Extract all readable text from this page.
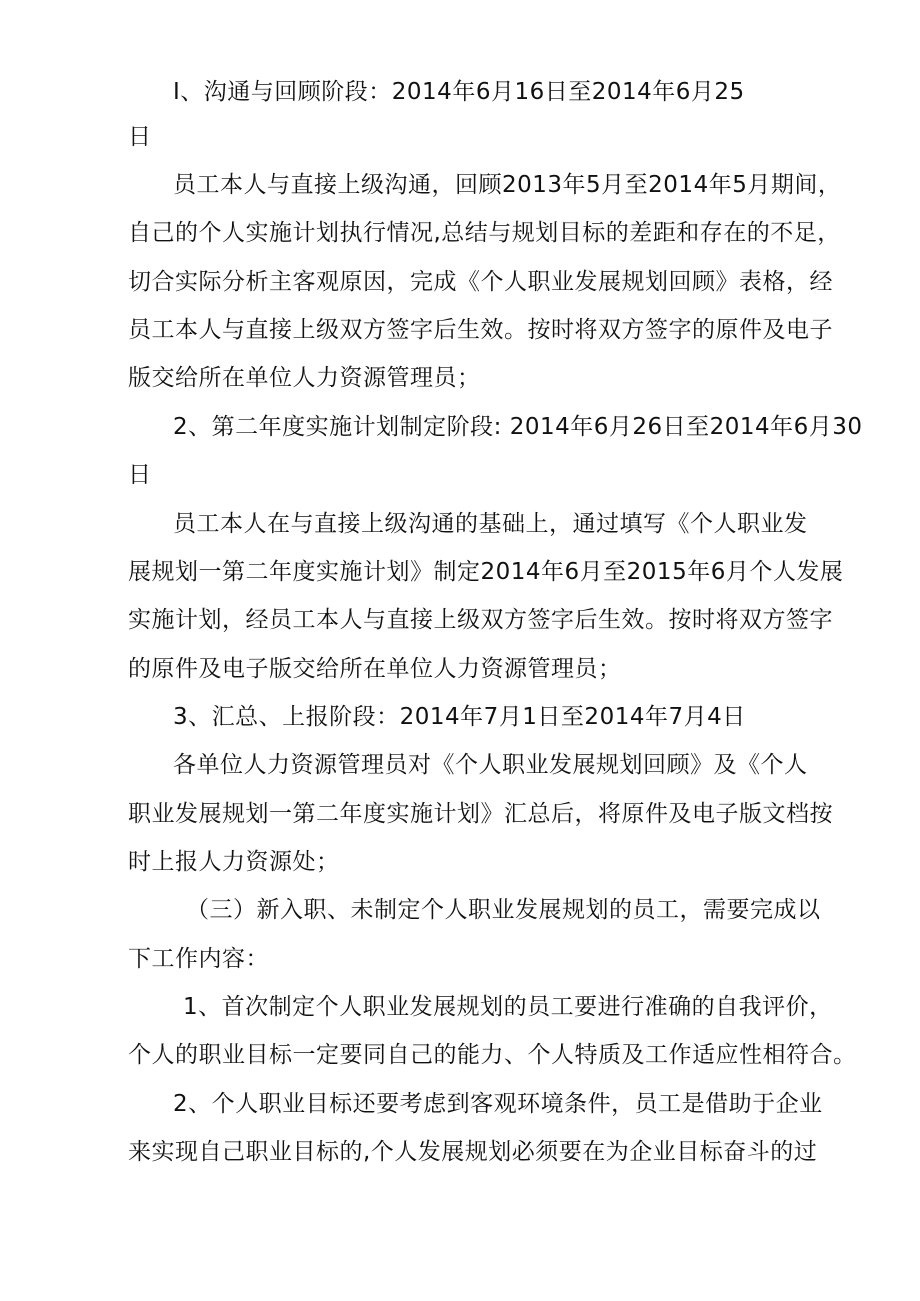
I、沟通与回顾阶段：2014年6月16日至2014年6月25
日
员工本人与直接上级沟通，回顾2013年5月至2014年5月期间，
自己的个人实施计划执行情况,总结与规划目标的差距和存在的不足，
切合实际分析主客观原因，完成《个人职业发展规划回顾》表格，经
员工本人与直接上级双方签字后生效。按时将双方签字的原件及电子
版交给所在单位人力资源管理员；
2、第二年度实施计划制定阶段: 2014年6月26日至2014年6月30
日
员工本人在与直接上级沟通的基础上，通过填写《个人职业发
展规划一第二年度实施计划》制定2014年6月至2015年6月个人发展
实施计划，经员工本人与直接上级双方签字后生效。按时将双方签字
的原件及电子版交给所在单位人力资源管理员；
3、汇总、上报阶段：2014年7月1日至2014年7月4日
各单位人力资源管理员对《个人职业发展规划回顾》及《个人
职业发展规划一第二年度实施计划》汇总后，将原件及电子版文档按
时上报人力资源处；
（三）新入职、未制定个人职业发展规划的员工，需要完成以
下工作内容：
1、首次制定个人职业发展规划的员工要进行准确的自我评价，
个人的职业目标一定要同自己的能力、个人特质及工作适应性相符合。
2、个人职业目标还要考虑到客观环境条件，员工是借助于企业
来实现自己职业目标的,个人发展规划必须要在为企业目标奋斗的过
